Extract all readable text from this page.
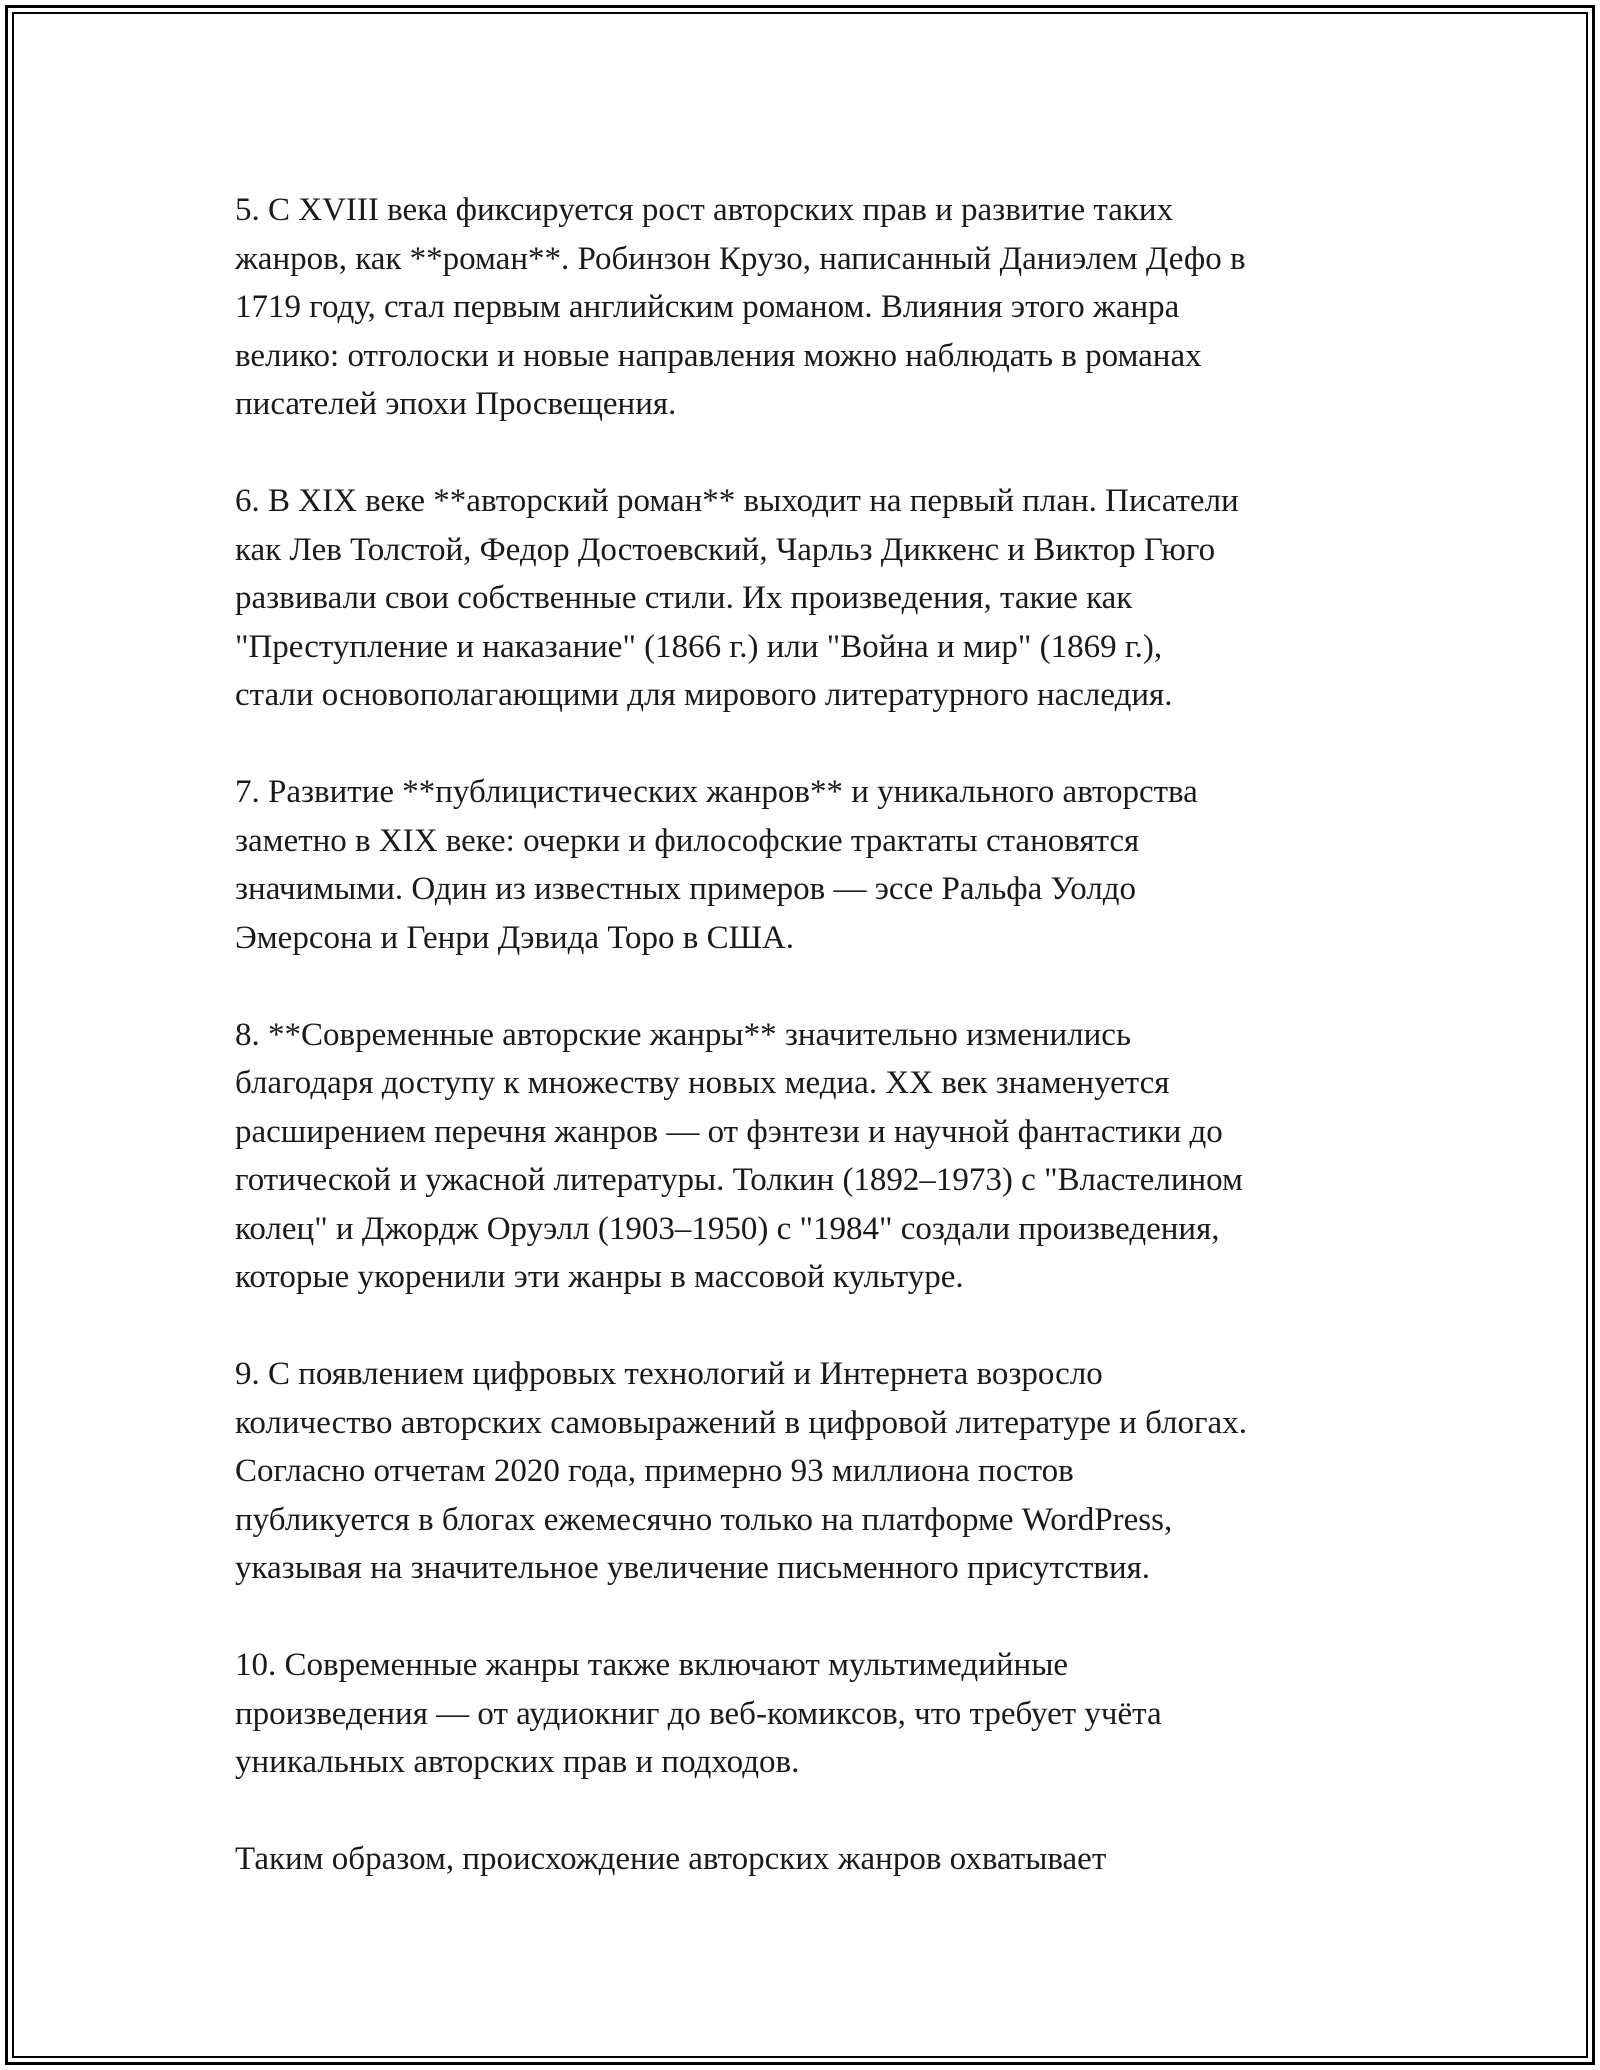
5. С XVIII века фиксируется рост авторских прав и развитие таких
жанров, как **роман**. Робинзон Крузо, написанный Даниэлем Дефо в
1719 году, стал первым английским романом. Влияния этого жанра
велико: отголоски и новые направления можно наблюдать в романах
писателей эпохи Просвещения.

6. В XIX веке **авторский роман** выходит на первый план. Писатели
как Лев Толстой, Федор Достоевский, Чарльз Диккенс и Виктор Гюго
развивали свои собственные стили. Их произведения, такие как
"Преступление и наказание" (1866 г.) или "Война и мир" (1869 г.),
стали основополагающими для мирового литературного наследия.

7. Развитие **публицистических жанров** и уникального авторства
заметно в XIX веке: очерки и философские трактаты становятся
значимыми. Один из известных примеров — эссе Ральфа Уолдо
Эмерсона и Генри Дэвида Торо в США.

8. **Современные авторские жанры** значительно изменились
благодаря доступу к множеству новых медиа. XX век знаменуется
расширением перечня жанров — от фэнтези и научной фантастики до
готической и ужасной литературы. Толкин (1892–1973) с "Властелином
колец" и Джордж Оруэлл (1903–1950) с "1984" создали произведения,
которые укоренили эти жанры в массовой культуре.

9. С появлением цифровых технологий и Интернета возросло
количество авторских самовыражений в цифровой литературе и блогах.
Согласно отчетам 2020 года, примерно 93 миллиона постов
публикуется в блогах ежемесячно только на платформе WordPress,
указывая на значительное увеличение письменного присутствия.

10. Современные жанры также включают мультимедийные
произведения — от аудиокниг до веб-комиксов, что требует учёта
уникальных авторских прав и подходов.

Таким образом, происхождение авторских жанров охватывает
